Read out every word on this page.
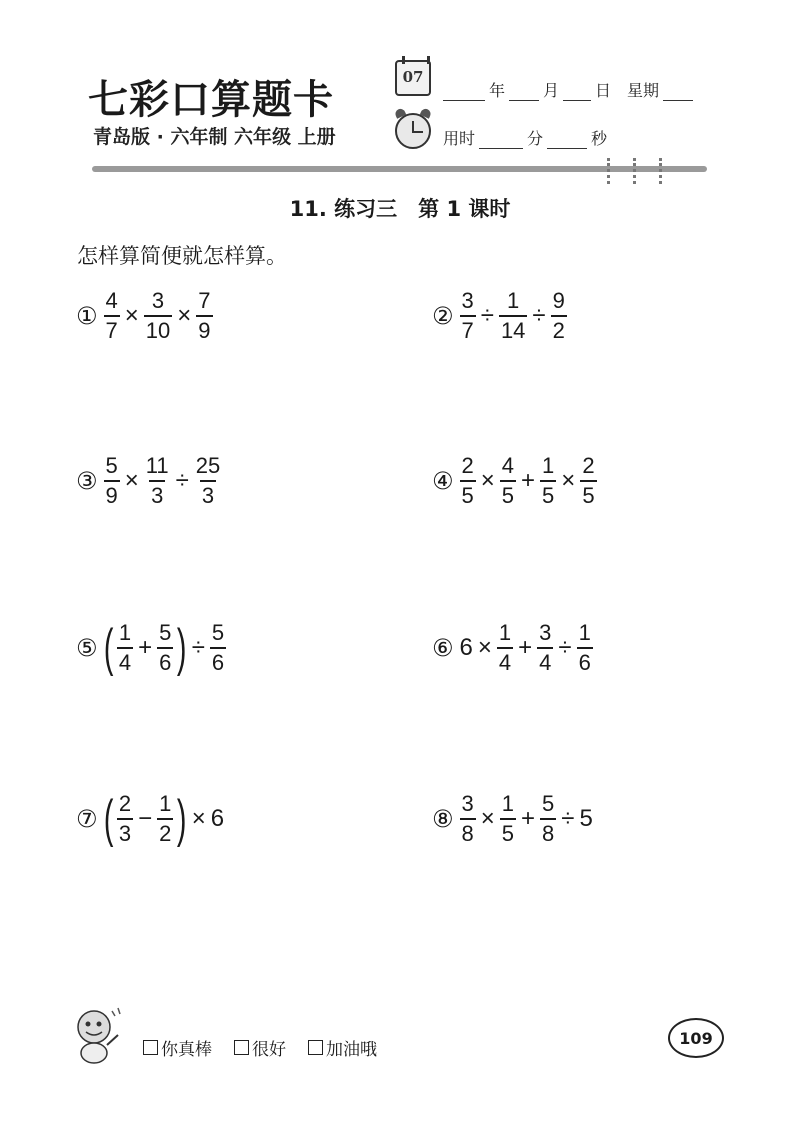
七彩口算题卡
青岛版 · 六年制 六年级 上册
07
年 月 日 星期
用时	分	秒
11. 练习三　第 1 课时
怎样算简便就怎样算。
① $\frac{4}{7} \times \frac{3}{10} \times \frac{7}{9}$	② $\frac{3}{7} \div \frac{1}{14} \div \frac{9}{2}$
③ $\frac{5}{9} \times \frac{11}{3} \div \frac{25}{3}$	④ $\frac{2}{5} \times \frac{4}{5} + \frac{1}{5} \times \frac{2}{5}$
⑤ ( $\frac{1}{4} + \frac{5}{6}$ ) ÷ $\frac{5}{6}$	⑥ $6 \times \frac{1}{4} + \frac{3}{4} \div \frac{1}{6}$
⑦ ( $\frac{2}{3} - \frac{1}{2}$ ) × 6	⑧ $\frac{3}{8} \times \frac{1}{5} + \frac{5}{8} \div 5$
你真棒 很好 加油哦
109
